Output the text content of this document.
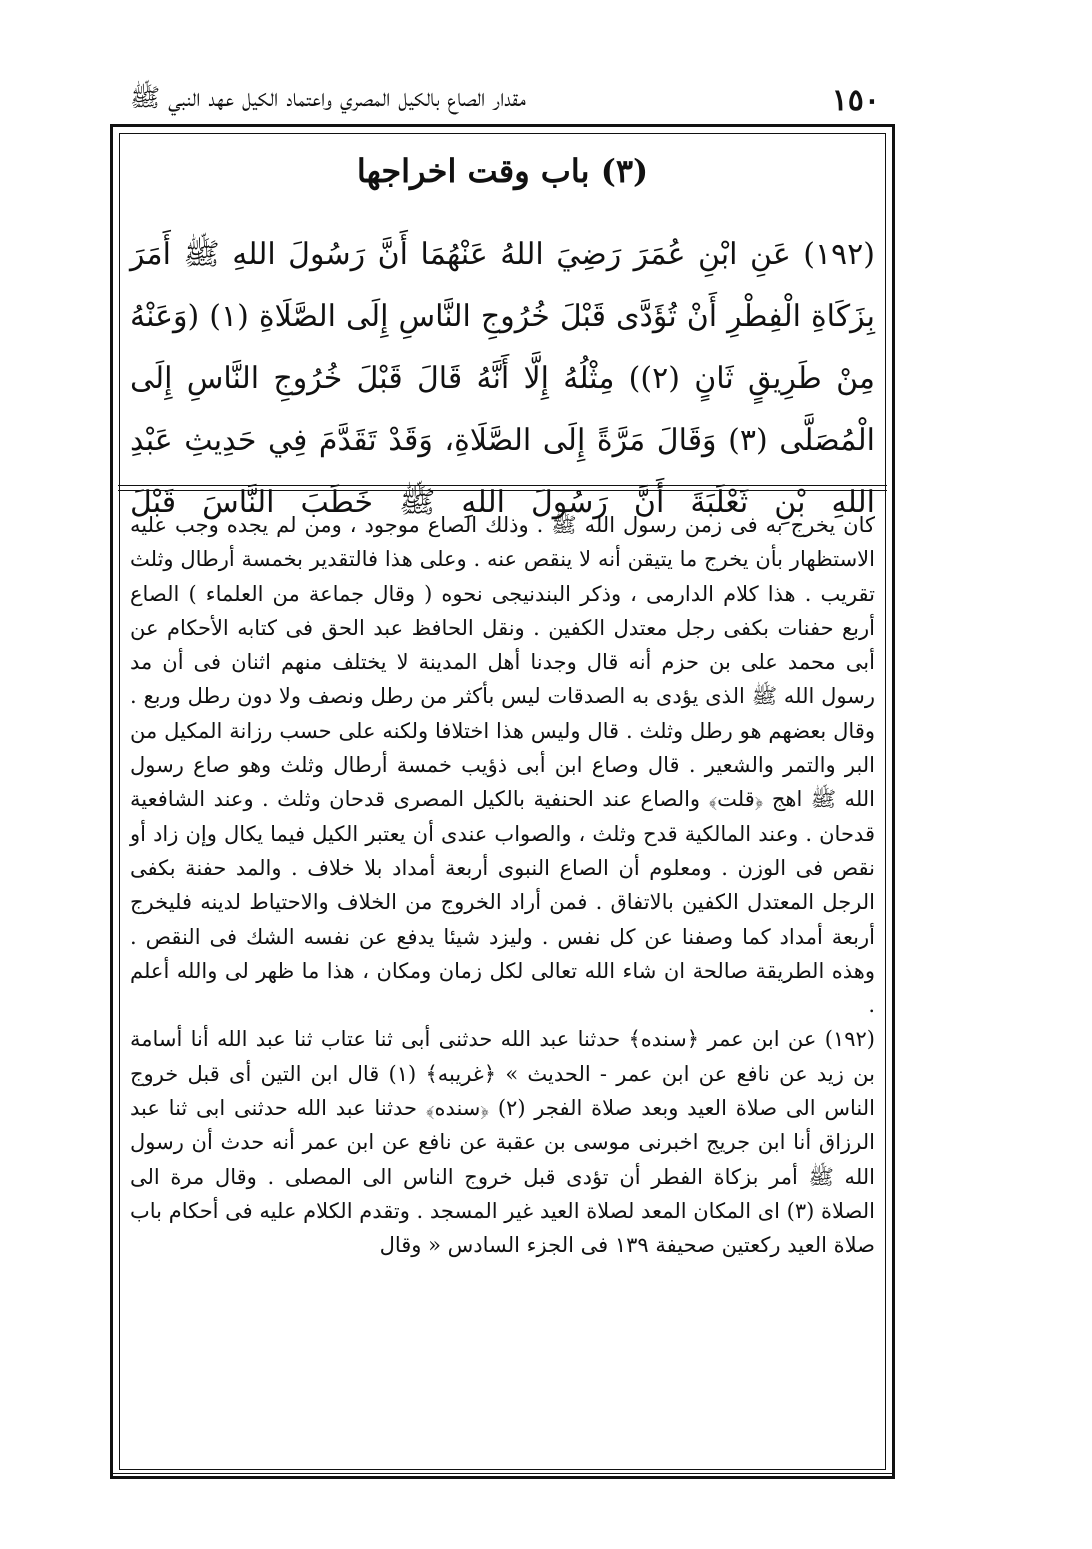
١٥٠
مقدار الصاع بالكيل المصري واعتماد الكيل عهد النبي ﷺ
(٣) باب وقت اخراجها

(١٩٢) عَنِ ابْنِ عُمَرَ رَضِيَ اللهُ عَنْهُمَا أَنَّ رَسُولَ اللهِ ﷺ أَمَرَ بِزَكَاةِ الْفِطْرِ أَنْ تُؤَدَّى قَبْلَ خُرُوجِ النَّاسِ إِلَى الصَّلَاةِ (١) (وَعَنْهُ مِنْ طَرِيقٍ ثَانٍ (٢)) مِثْلُهُ إِلَّا أَنَّهُ قَالَ قَبْلَ خُرُوجِ النَّاسِ إِلَى الْمُصَلَّى (٣) وَقَالَ مَرَّةً إِلَى الصَّلَاةِ، وَقَدْ تَقَدَّمَ فِي حَدِيثِ عَبْدِ اللهِ بْنِ ثَعْلَبَةَ أَنَّ رَسُولَ اللهِ ﷺ خَطَبَ النَّاسَ قَبْلَ

كان يخرج به فى زمن رسول الله ﷺ . وذلك الصاع موجود ، ومن لم يجده وجب عليه الاستظهار بأن يخرج ما يتيقن أنه لا ينقص عنه . وعلى هذا فالتقدير بخمسة أرطال وثلث تقريب . هذا كلام الدارمى ، وذكر البندنيجى نحوه ( وقال جماعة من العلماء ) الصاع أربع حفنات بكفى رجل معتدل الكفين . ونقل الحافظ عبد الحق فى كتابه الأحكام عن أبى محمد على بن حزم أنه قال وجدنا أهل المدينة لا يختلف منهم اثنان فى أن مد رسول الله ﷺ الذى يؤدى به الصدقات ليس بأكثر من رطل ونصف ولا دون رطل وربع . وقال بعضهم هو رطل وثلث . قال وليس هذا اختلافا ولكنه على حسب رزانة المكيل من البر والتمر والشعير . قال وصاع ابن أبى ذؤيب خمسة أرطال وثلث وهو صاع رسول الله ﷺ اهج ﴿قلت﴾ والصاع عند الحنفية بالكيل المصرى قدحان وثلث . وعند الشافعية قدحان . وعند المالكية قدح وثلث ، والصواب عندى أن يعتبر الكيل فيما يكال وإن زاد أو نقص فى الوزن . ومعلوم أن الصاع النبوى أربعة أمداد بلا خلاف . والمد حفنة بكفى الرجل المعتدل الكفين بالاتفاق . فمن أراد الخروج من الخلاف والاحتياط لدينه فليخرج أربعة أمداد كما وصفنا عن كل نفس . وليزد شيئا يدفع عن نفسه الشك فى النقص . وهذه الطريقة صالحة ان شاء الله تعالى لكل زمان ومكان ، هذا ما ظهر لى والله أعلم .

(١٩٢) عن ابن عمر ﴿سنده﴾ حدثنا عبد الله حدثنى أبى ثنا عتاب ثنا عبد الله أنا أسامة بن زيد عن نافع عن ابن عمر - الحديث » ﴿غريبه﴾ (١) قال ابن التين أى قبل خروج الناس الى صلاة العيد وبعد صلاة الفجر (٢) ﴿سنده﴾ حدثنا عبد الله حدثنى ابى ثنا عبد الرزاق أنا ابن جريج اخبرنى موسى بن عقبة عن نافع عن ابن عمر أنه حدث أن رسول الله ﷺ أمر بزكاة الفطر أن تؤدى قبل خروج الناس الى المصلى . وقال مرة الى الصلاة (٣) اى المكان المعد لصلاة العيد غير المسجد . وتقدم الكلام عليه فى أحكام باب صلاة العيد ركعتين صحيفة ١٣٩ فى الجزء السادس « وقال
